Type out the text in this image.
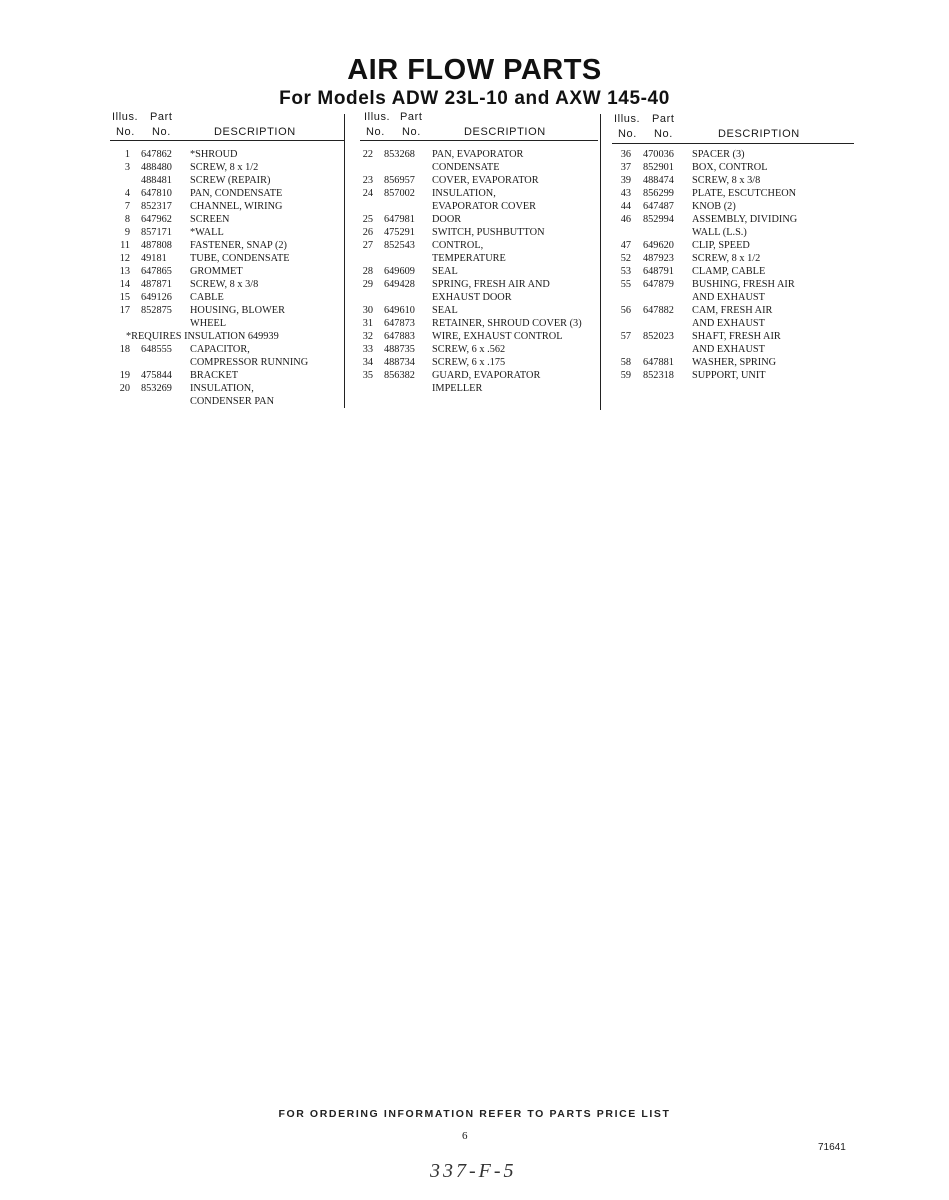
AIR FLOW PARTS
For Models ADW 23L-10 and AXW 145-40
Illus. Part
No. No.	DESCRIPTION
1 647862 *SHROUD
3 488480 SCREW, 8 x 1/2
488481 SCREW (REPAIR)
4 647810 PAN, CONDENSATE
7 852317 CHANNEL, WIRING
8 647962 SCREEN
9 857171 *WALL
11 487808 FASTENER, SNAP (2)
12 49181 TUBE, CONDENSATE
13 647865 GROMMET
14 487871 SCREW, 8 x 3/8
15 649126 CABLE
17 852875 HOUSING, BLOWER
WHEEL
*REQUIRES INSULATION 649939
18 648555 CAPACITOR,
COMPRESSOR RUNNING
19 475844 BRACKET
20 853269 INSULATION,
CONDENSER PAN
Illus. Part
No. No.	DESCRIPTION
22 853268 PAN, EVAPORATOR
CONDENSATE
23 856957 COVER, EVAPORATOR
24 857002 INSULATION,
EVAPORATOR COVER
25 647981 DOOR
26 475291 SWITCH, PUSHBUTTON
27 852543 CONTROL,
TEMPERATURE
28 649609 SEAL
29 649428 SPRING, FRESH AIR AND
EXHAUST DOOR
30 649610 SEAL
31 647873 RETAINER, SHROUD COVER (3)
32 647883 WIRE, EXHAUST CONTROL
33 488735 SCREW, 6 x .562
34 488734 SCREW, 6 x .175
35 856382 GUARD, EVAPORATOR
IMPELLER
Illus. Part
No. No.	DESCRIPTION
36 470036 SPACER (3)
37 852901 BOX, CONTROL
39 488474 SCREW, 8 x 3/8
43 856299 PLATE, ESCUTCHEON
44 647487 KNOB (2)
46 852994 ASSEMBLY, DIVIDING
WALL (L.S.)
47 649620 CLIP, SPEED
52 487923 SCREW, 8 x 1/2
53 648791 CLAMP, CABLE
55 647879 BUSHING, FRESH AIR
AND EXHAUST
56 647882 CAM, FRESH AIR
AND EXHAUST
57 852023 SHAFT, FRESH AIR
AND EXHAUST
58 647881 WASHER, SPRING
59 852318 SUPPORT, UNIT
FOR ORDERING INFORMATION REFER TO PARTS PRICE LIST
6
71641
337-F-5
